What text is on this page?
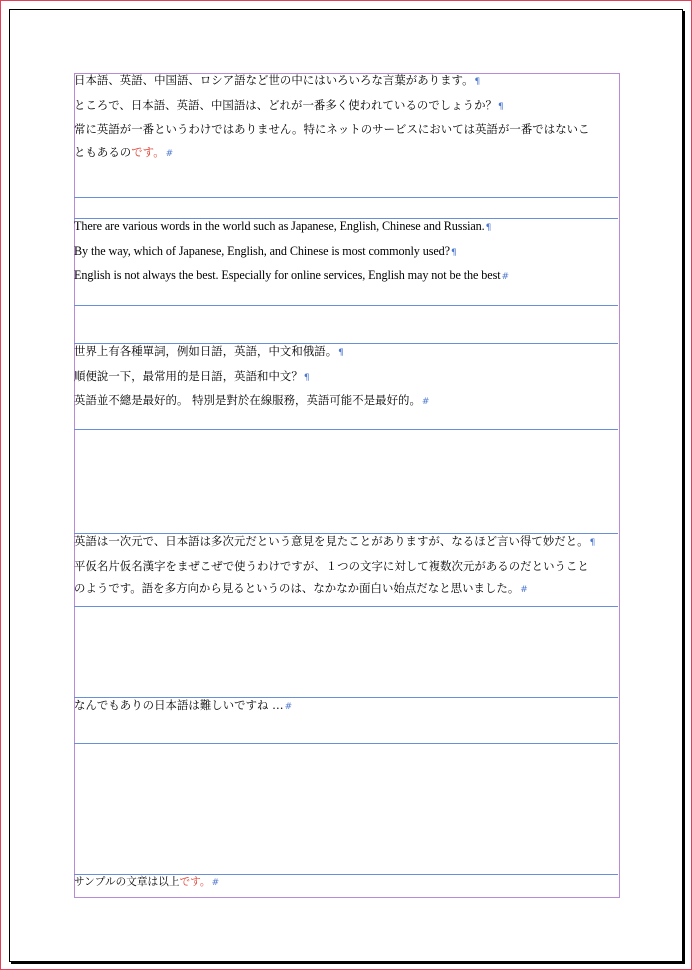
日本語、英語、中国語、ロシア語など世の中にはいろいろな言葉があります。¶
ところで、日本語、英語、中国語は、どれが一番多く使われているのでしょうか？¶
常に英語が一番というわけではありません。特にネットのサービスにおいては英語が一番ではないこ
ともあるのです。#
There are various words in the world such as Japanese, English, Chinese and Russian.¶
By the way, which of Japanese, English, and Chinese is most commonly used?¶
English is not always the best. Especially for online services, English may not be the best#
世界上有各種單詞，例如日語，英語，中文和俄語。¶
順便說一下，最常用的是日語，英語和中文？¶
英語並不總是最好的。 特別是對於在線服務，英語可能不是最好的。#
英語は一次元で、日本語は多次元だという意見を見たことがありますが、なるほど言い得て妙だと。¶
平仮名片仮名漢字をまぜこぜで使うわけですが、１つの文字に対して複数次元があるのだということ
のようです。語を多方向から見るというのは、なかなか面白い始点だなと思いました。#
なんでもありの日本語は難しいですね …#
サンプルの文章は以上です。#
